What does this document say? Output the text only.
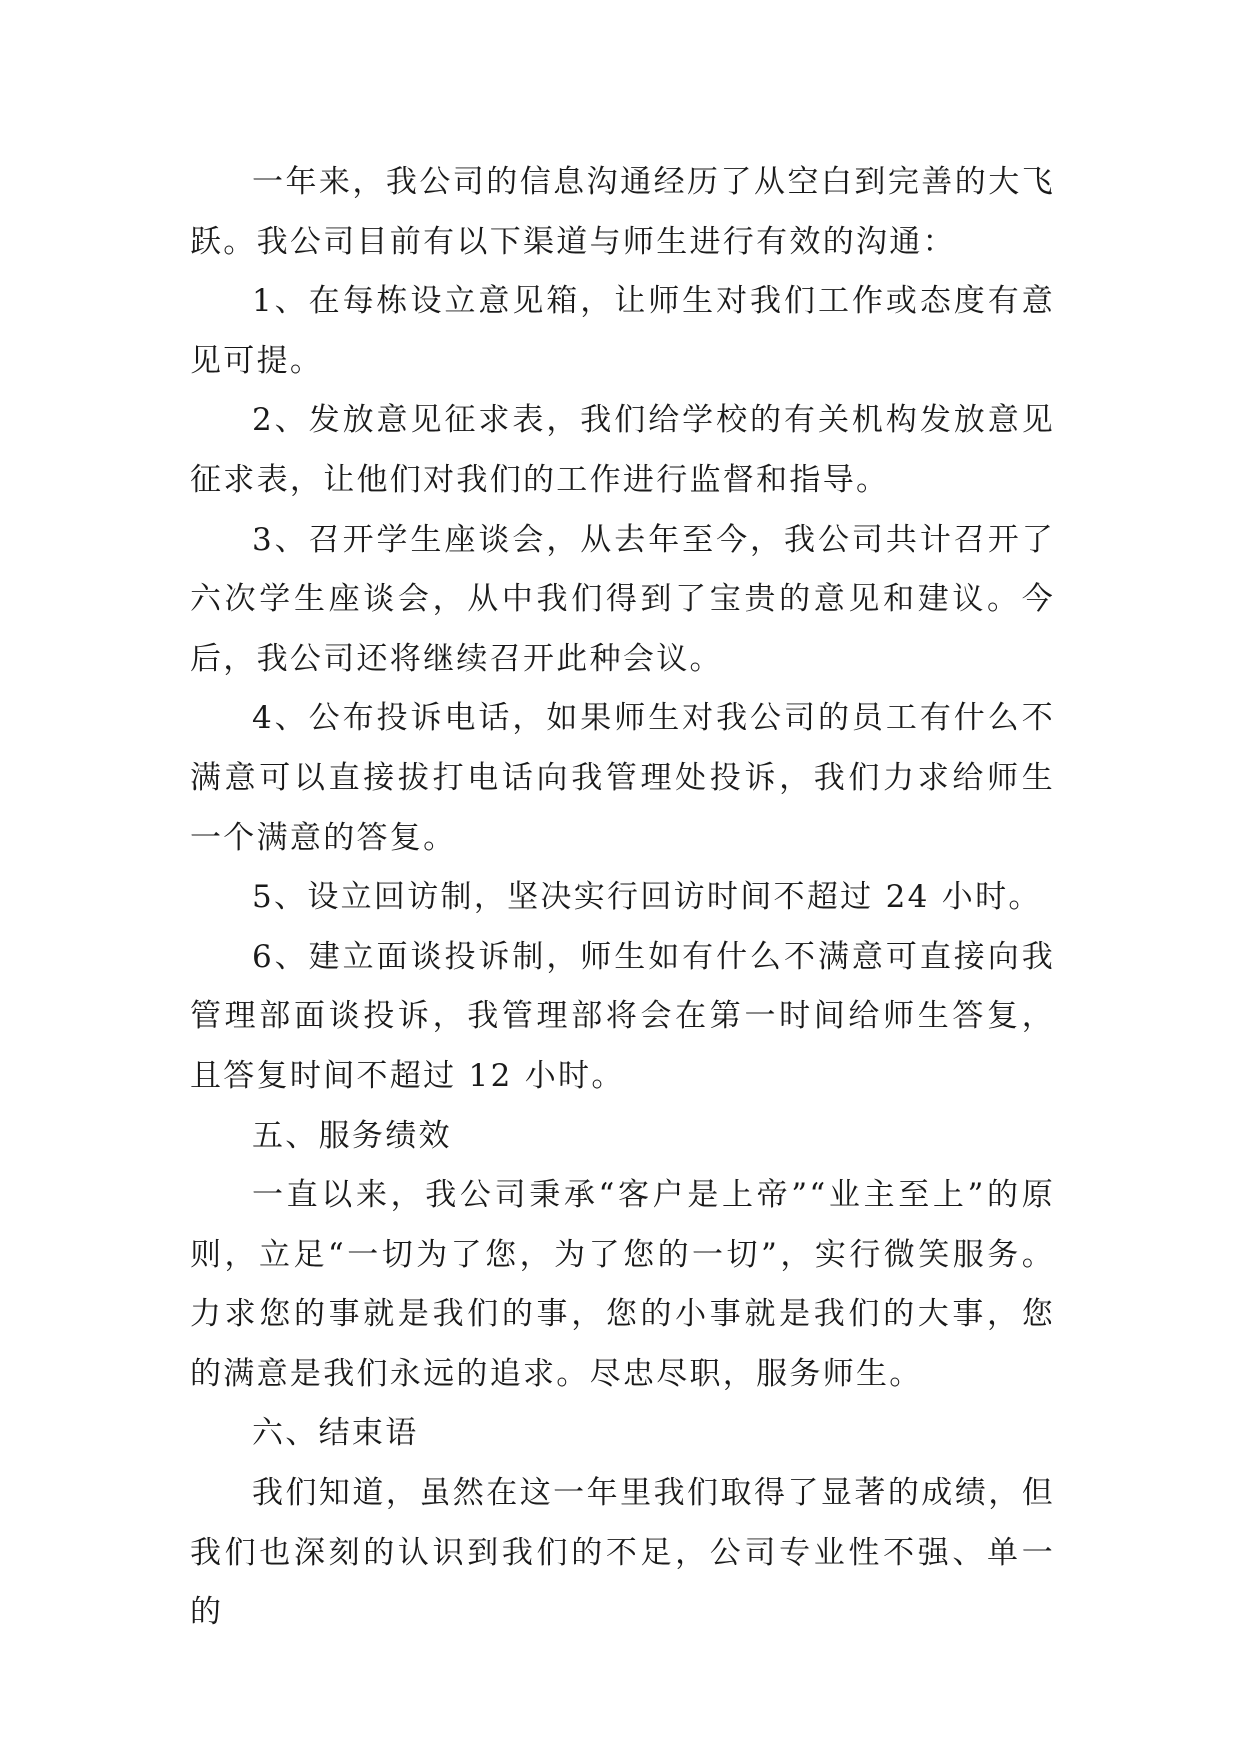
一年来，我公司的信息沟通经历了从空白到完善的大飞跃。我公司目前有以下渠道与师生进行有效的沟通：

1、在每栋设立意见箱，让师生对我们工作或态度有意见可提。

2、发放意见征求表，我们给学校的有关机构发放意见征求表，让他们对我们的工作进行监督和指导。

3、召开学生座谈会，从去年至今，我公司共计召开了六次学生座谈会，从中我们得到了宝贵的意见和建议。今后，我公司还将继续召开此种会议。

4、公布投诉电话，如果师生对我公司的员工有什么不满意可以直接拔打电话向我管理处投诉，我们力求给师生一个满意的答复。

5、设立回访制，坚决实行回访时间不超过 24 小时。

6、建立面谈投诉制，师生如有什么不满意可直接向我管理部面谈投诉，我管理部将会在第一时间给师生答复，且答复时间不超过 12 小时。

五、服务绩效

一直以来，我公司秉承“客户是上帝”“业主至上”的原则，立足“一切为了您，为了您的一切”，实行微笑服务。力求您的事就是我们的事，您的小事就是我们的大事，您的满意是我们永远的追求。尽忠尽职，服务师生。

六、结束语

我们知道，虽然在这一年里我们取得了显著的成绩，但我们也深刻的认识到我们的不足，公司专业性不强、单一的
